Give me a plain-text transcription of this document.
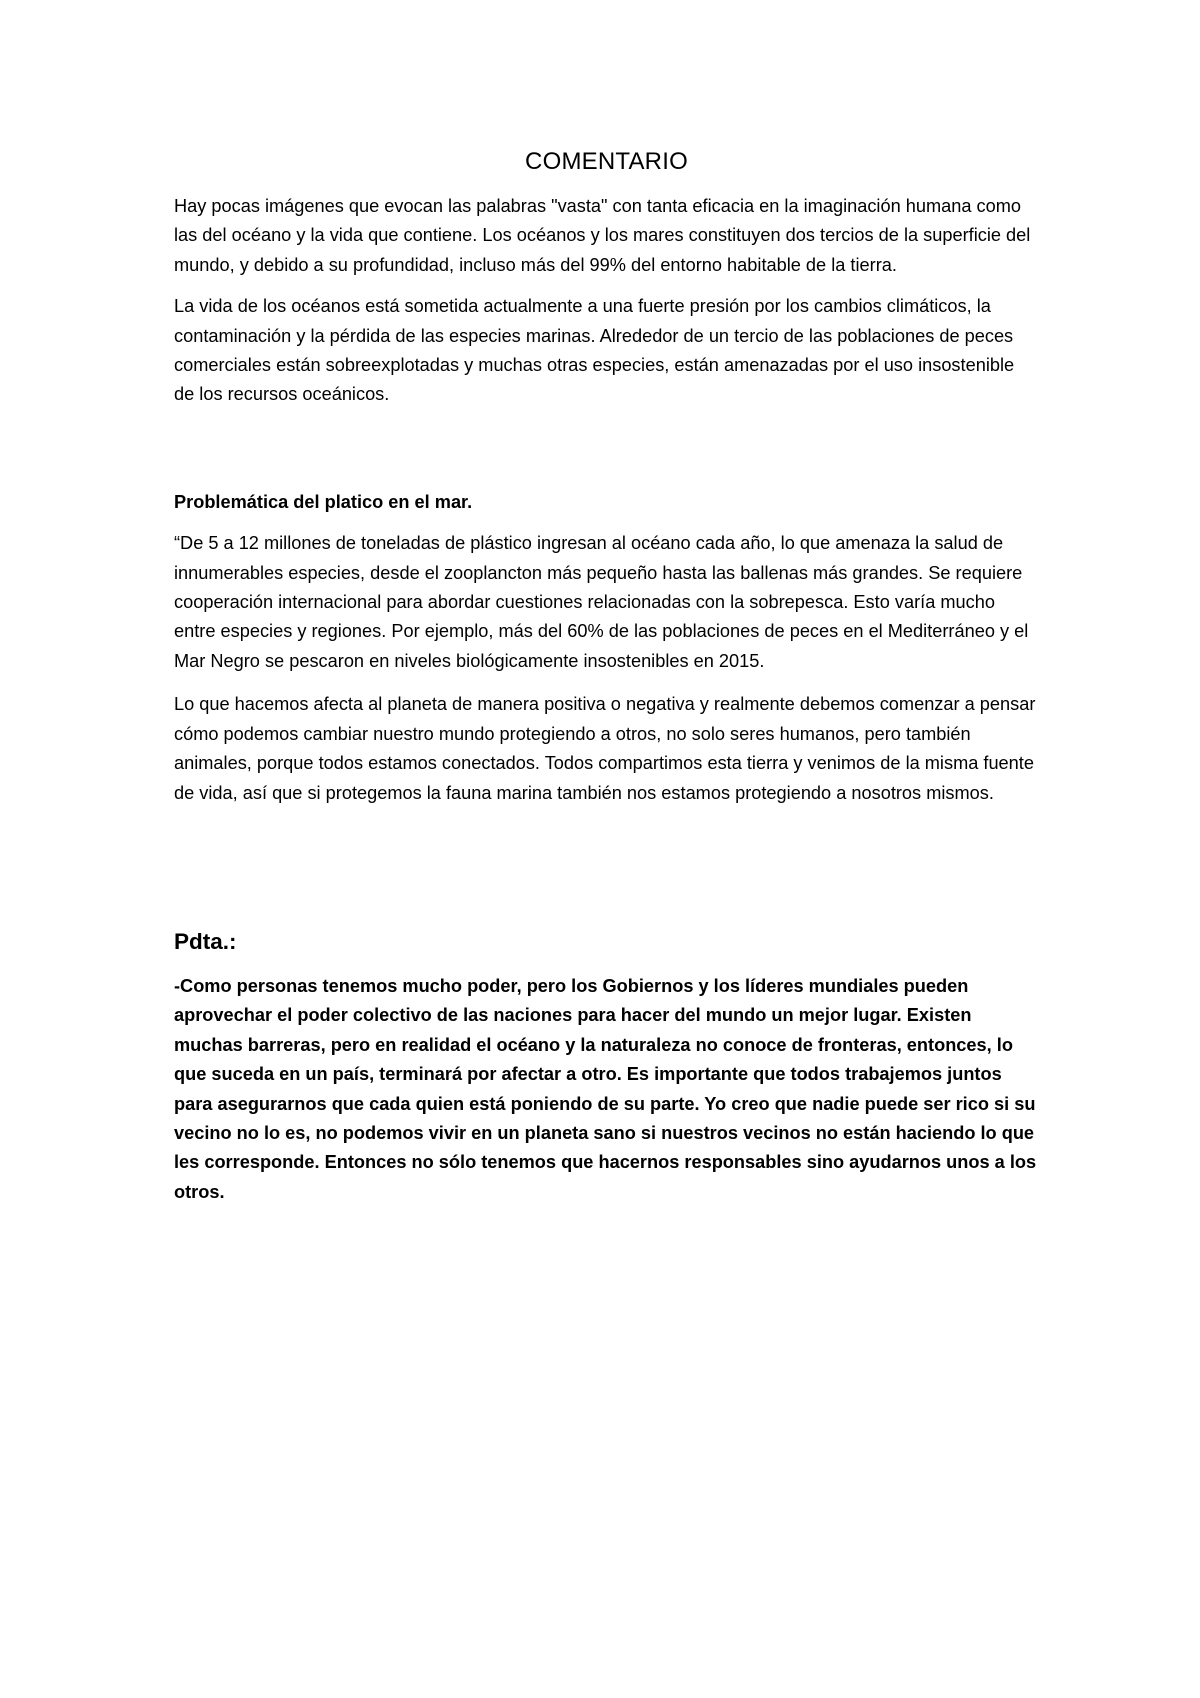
COMENTARIO

Hay pocas imágenes que evocan las palabras "vasta" con tanta eficacia en la imaginación humana como las del océano y la vida que contiene. Los océanos y los mares constituyen dos tercios de la superficie del mundo, y debido a su profundidad, incluso más del 99% del entorno habitable de la tierra.

La vida de los océanos está sometida actualmente a una fuerte presión por los cambios climáticos, la contaminación y la pérdida de las especies marinas. Alrededor de un tercio de las poblaciones de peces comerciales están sobreexplotadas y muchas otras especies, están amenazadas por el uso insostenible de los recursos oceánicos.

Problemática del platico en el mar.

“De 5 a 12 millones de toneladas de plástico ingresan al océano cada año, lo que amenaza la salud de innumerables especies, desde el zooplancton más pequeño hasta las ballenas más grandes. Se requiere cooperación internacional para abordar cuestiones relacionadas con la sobrepesca. Esto varía mucho entre especies y regiones. Por ejemplo, más del 60% de las poblaciones de peces en el Mediterráneo y el Mar Negro se pescaron en niveles biológicamente insostenibles en 2015.

Lo que hacemos afecta al planeta de manera positiva o negativa y realmente debemos comenzar a pensar cómo podemos cambiar nuestro mundo protegiendo a otros, no solo seres humanos, pero también animales, porque todos estamos conectados. Todos compartimos esta tierra y venimos de la misma fuente de vida, así que si protegemos la fauna marina también nos estamos protegiendo a nosotros mismos.

Pdta.:

-Como personas tenemos mucho poder, pero los Gobiernos y los líderes mundiales pueden aprovechar el poder colectivo de las naciones para hacer del mundo un mejor lugar. Existen muchas barreras, pero en realidad el océano y la naturaleza no conoce de fronteras, entonces, lo que suceda en un país, terminará por afectar a otro. Es importante que todos trabajemos juntos para asegurarnos que cada quien está poniendo de su parte. Yo creo que nadie puede ser rico si su vecino no lo es, no podemos vivir en un planeta sano si nuestros vecinos no están haciendo lo que les corresponde. Entonces no sólo tenemos que hacernos responsables sino ayudarnos unos a los otros.
